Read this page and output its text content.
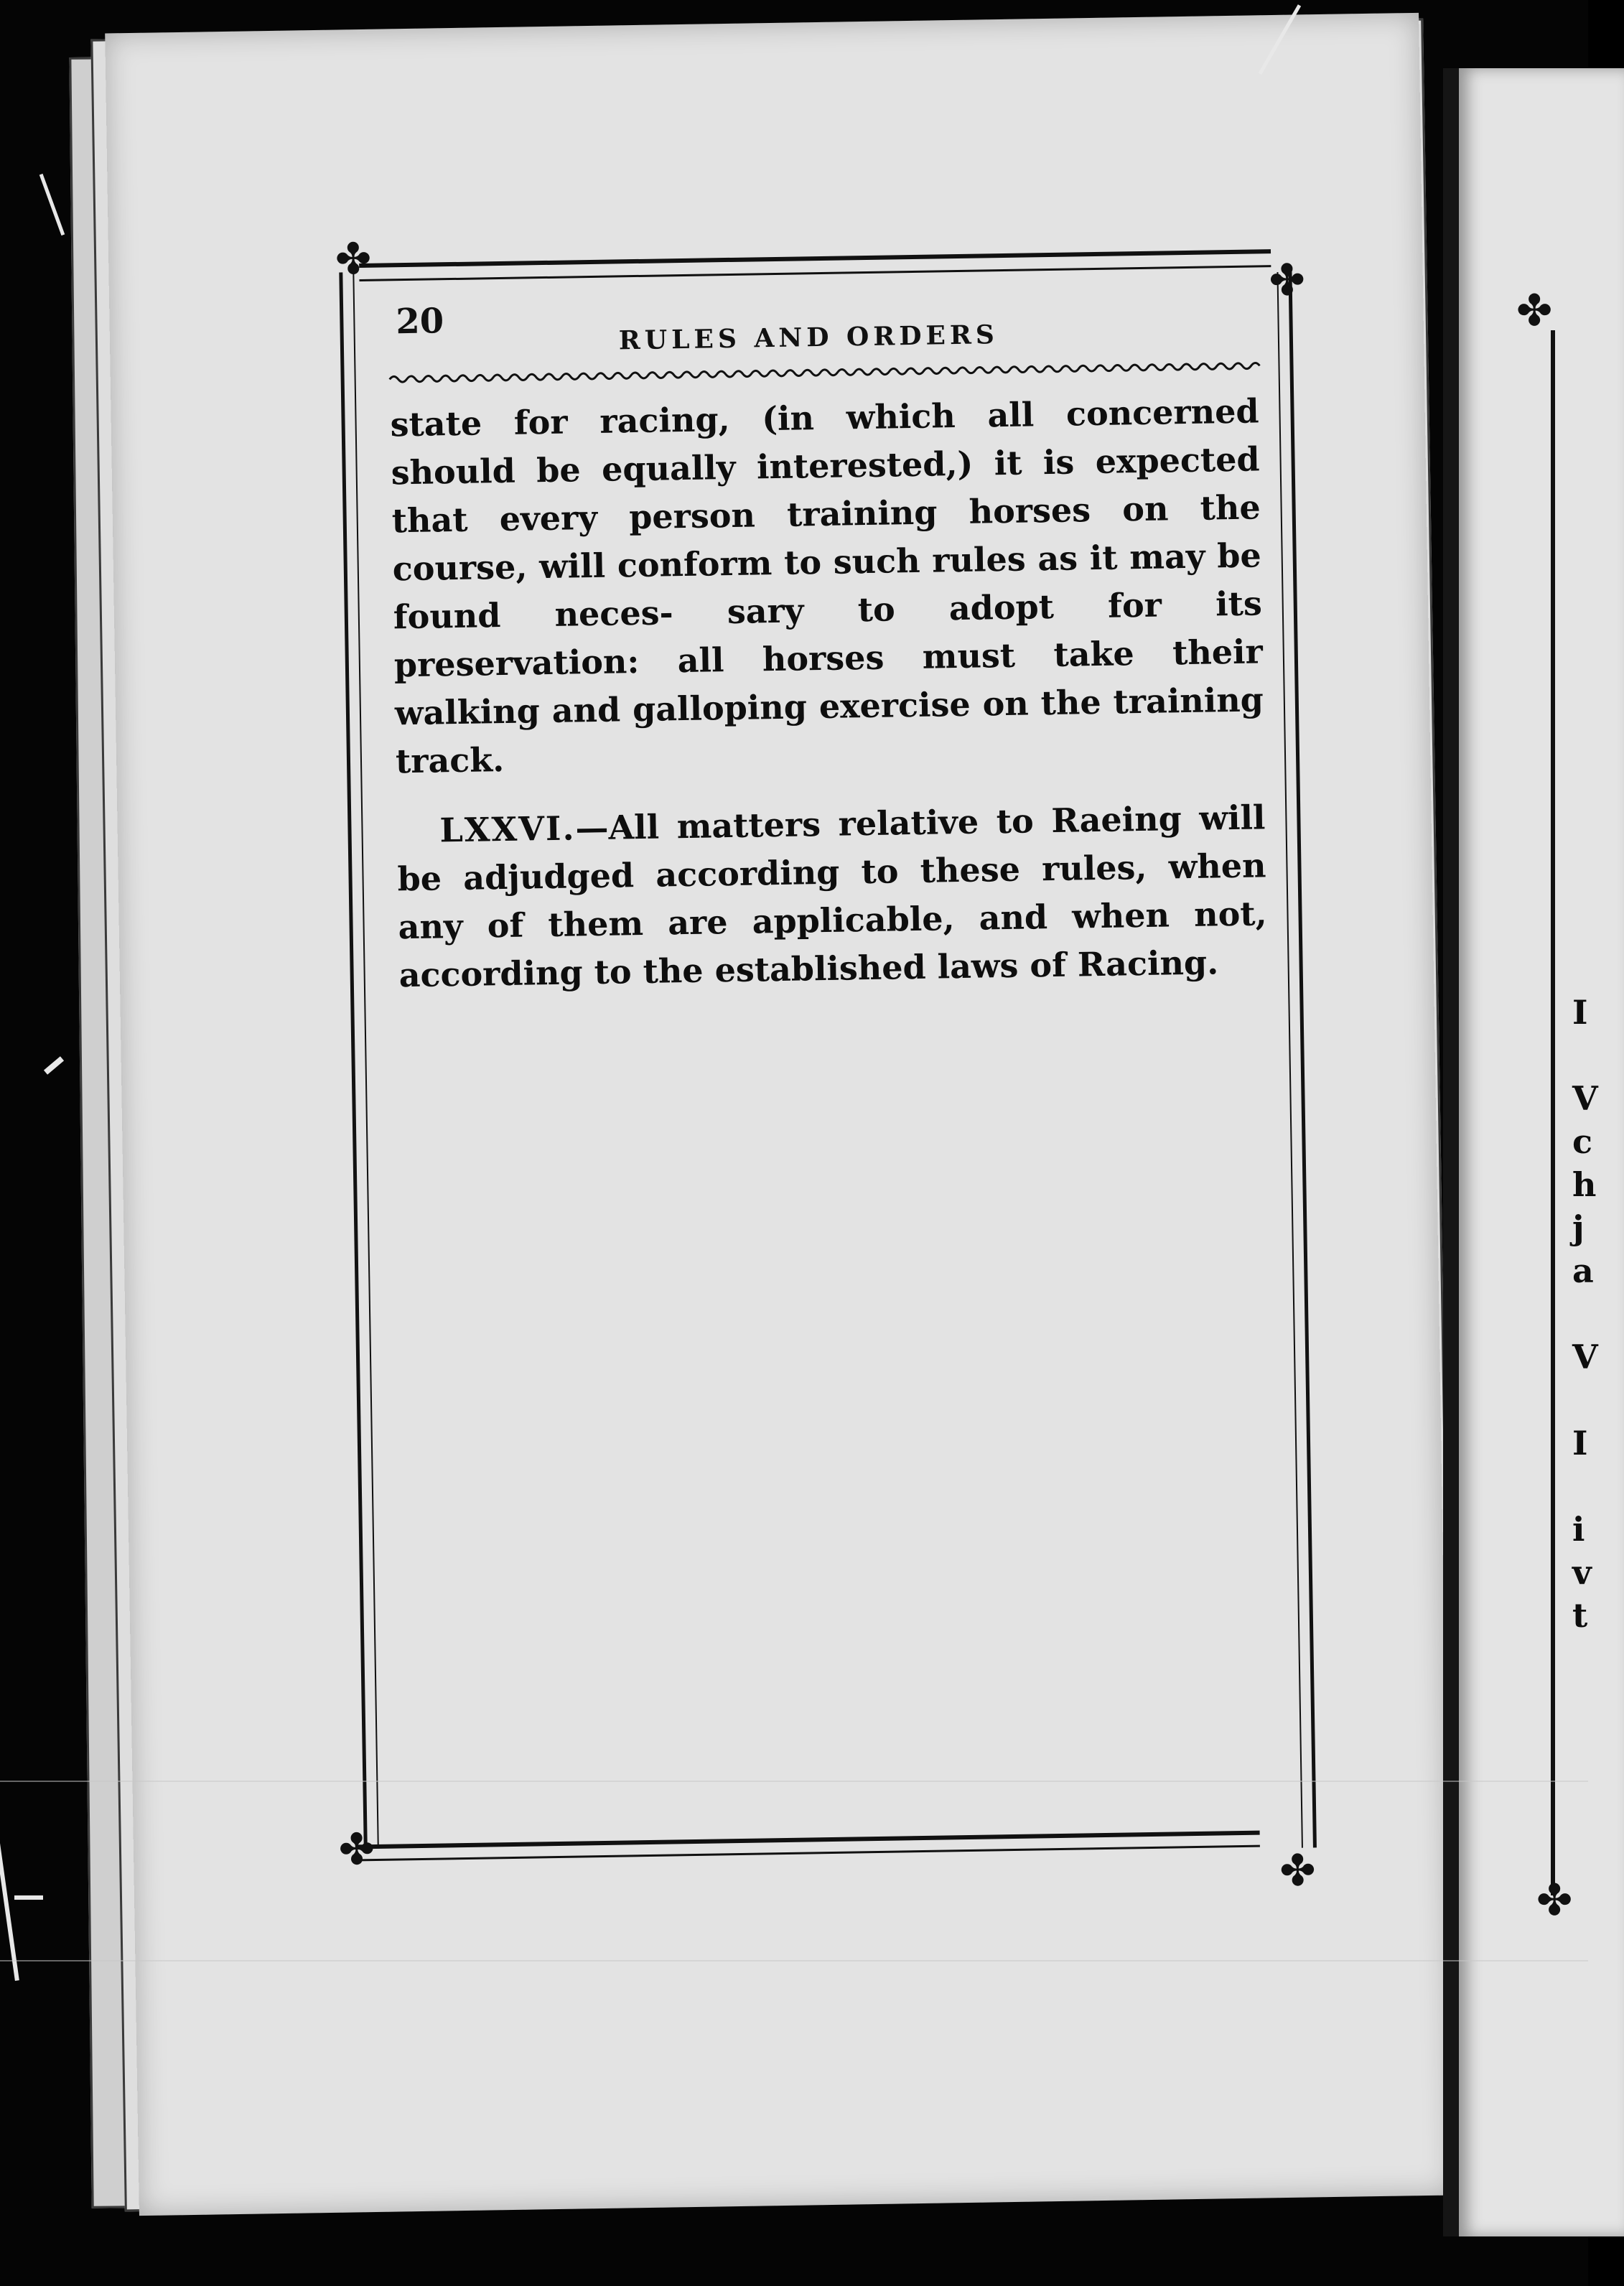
✤
✤
I
V
c
h
j
a
V
I
i
v
t
✤	✤
✤	✤
20	RULES AND ORDERS

state for racing, (in which all concerned should be equally interested,) it is expected that every person training horses on the course, will conform to such rules as it may be found neces- sary to adopt for its preservation: all horses must take their walking and galloping exercise on the training track.

LXXVI.—All matters relative to Raeing will be adjudged according to these rules, when any of them are applicable, and when not, according to the established laws of Racing.
